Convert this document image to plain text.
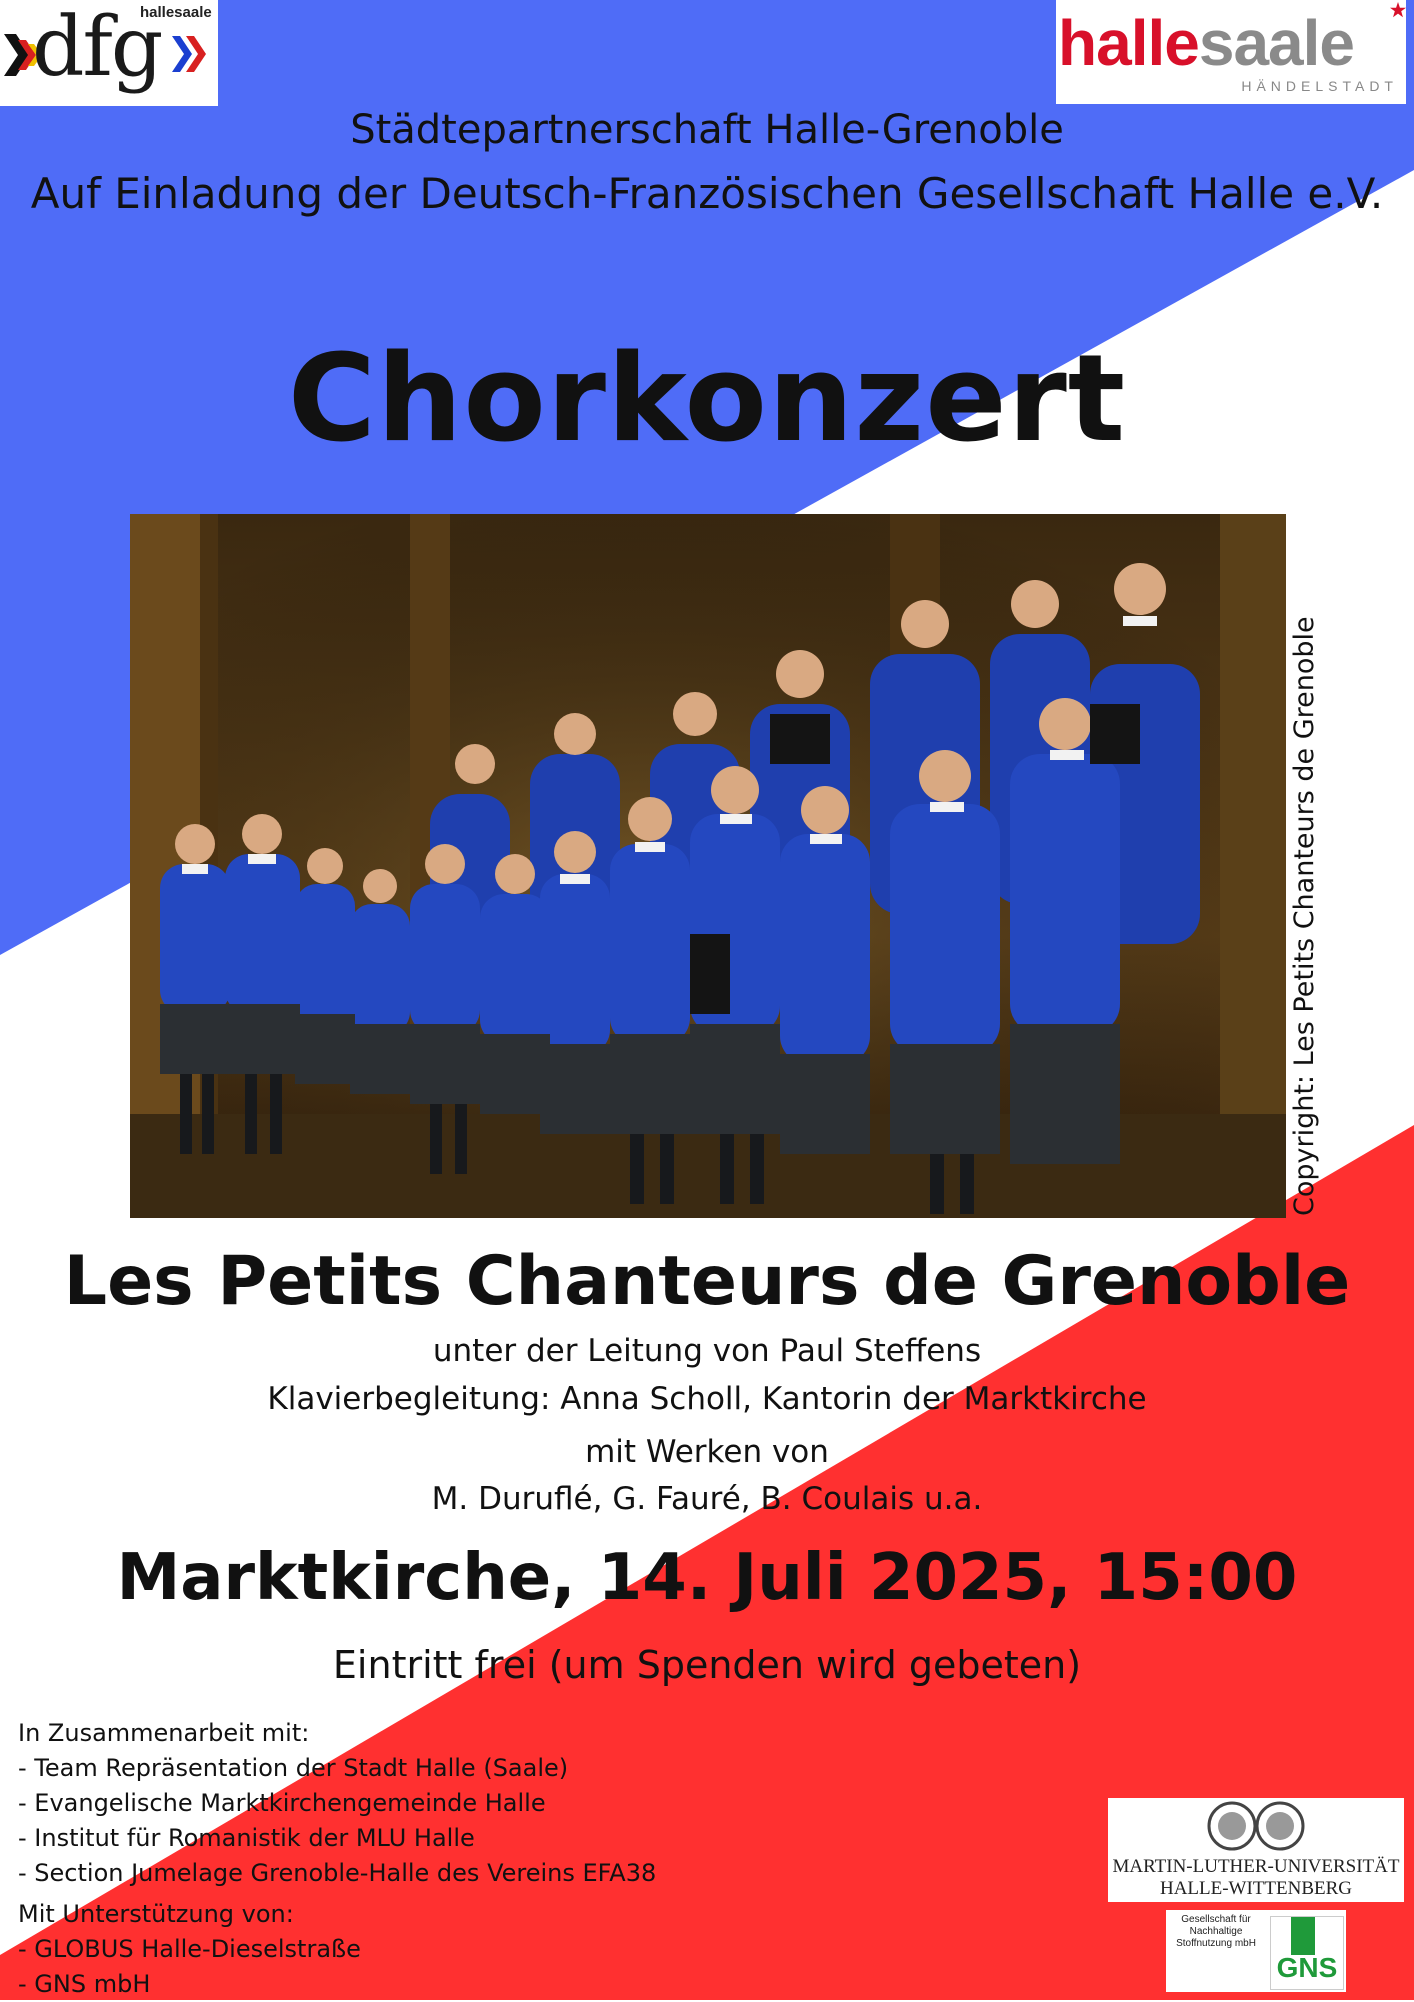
dfg
hallesaale	hallesaale
HÄNDELSTADT
Städtepartnerschaft Halle-Grenoble
Auf Einladung der Deutsch-Französischen Gesellschaft Halle e.V.
Chorkonzert
Copyright: Les Petits Chanteurs de Grenoble
Les Petits Chanteurs de Grenoble
unter der Leitung von Paul Steffens
Klavierbegleitung: Anna Scholl, Kantorin der Marktkirche
mit Werken von
M. Duruflé, G. Fauré, B. Coulais u.a.
Marktkirche, 14. Juli 2025, 15:00
Eintritt frei (um Spenden wird gebeten)
In Zusammenarbeit mit:
- Team Repräsentation der Stadt Halle (Saale)
- Evangelische Marktkirchengemeinde Halle
- Institut für Romanistik der MLU Halle
- Section Jumelage Grenoble-Halle des Vereins EFA38
Mit Unterstützung von:
- GLOBUS Halle-Dieselstraße
- GNS mbH
MARTIN-LUTHER-UNIVERSITÄT
HALLE-WITTENBERG
Gesellschaft für
Nachhaltige
Stoffnutzung mbH
GNS
